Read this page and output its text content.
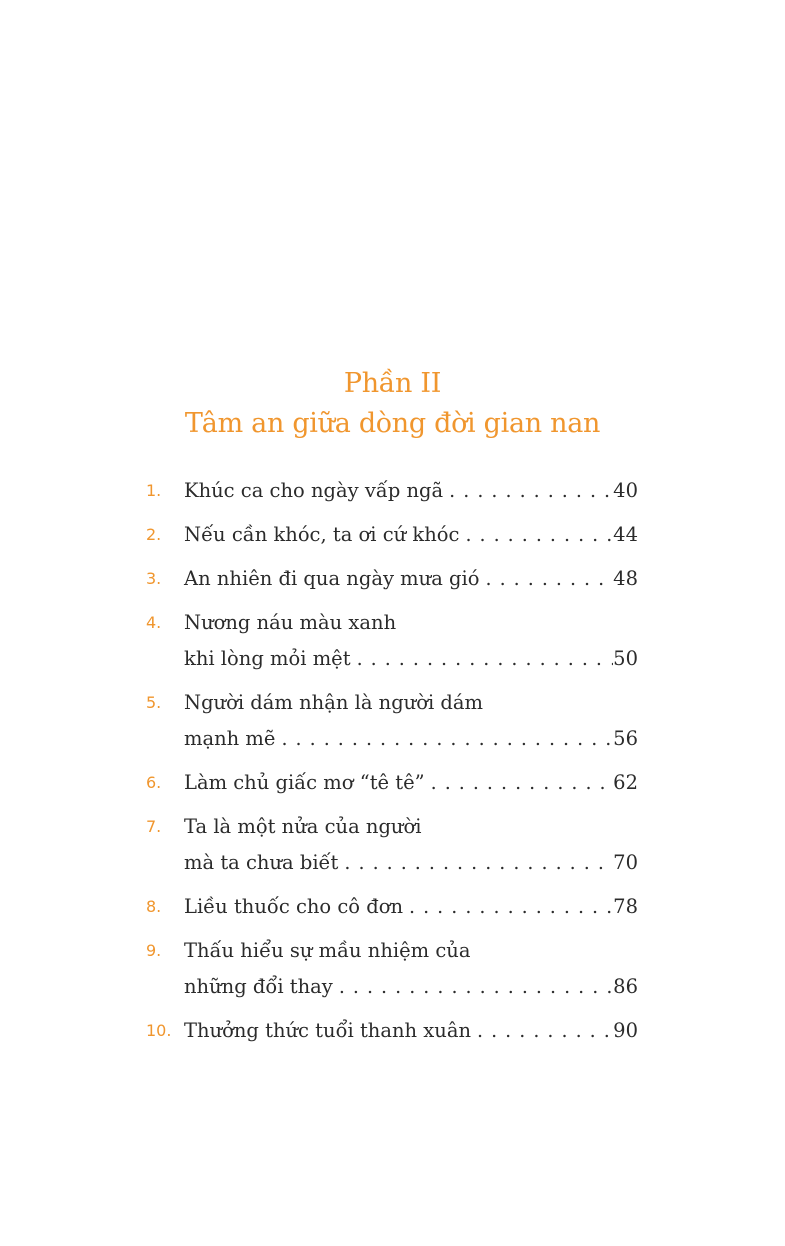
Phần II
Tâm an giữa dòng đời gian nan
1. Khúc ca cho ngày vấp ngã . . .	40
2. Nếu cần khóc, ta ơi cứ khóc . . .	44
3. An nhiên đi qua ngày mưa gió . . .	48
4. Nương náu màu xanh
khi lòng mỏi mệt . . .	50
5. Người dám nhận là người dám
mạnh mẽ . . .	56
6. Làm chủ giấc mơ “tê tê” . . .	62
7. Ta là một nửa của người
mà ta chưa biết . . .	70
8. Liều thuốc cho cô đơn . . .	78
9. Thấu hiểu sự mầu nhiệm của
những đổi thay . . .	86
10. Thưởng thức tuổi thanh xuân . . .	90
